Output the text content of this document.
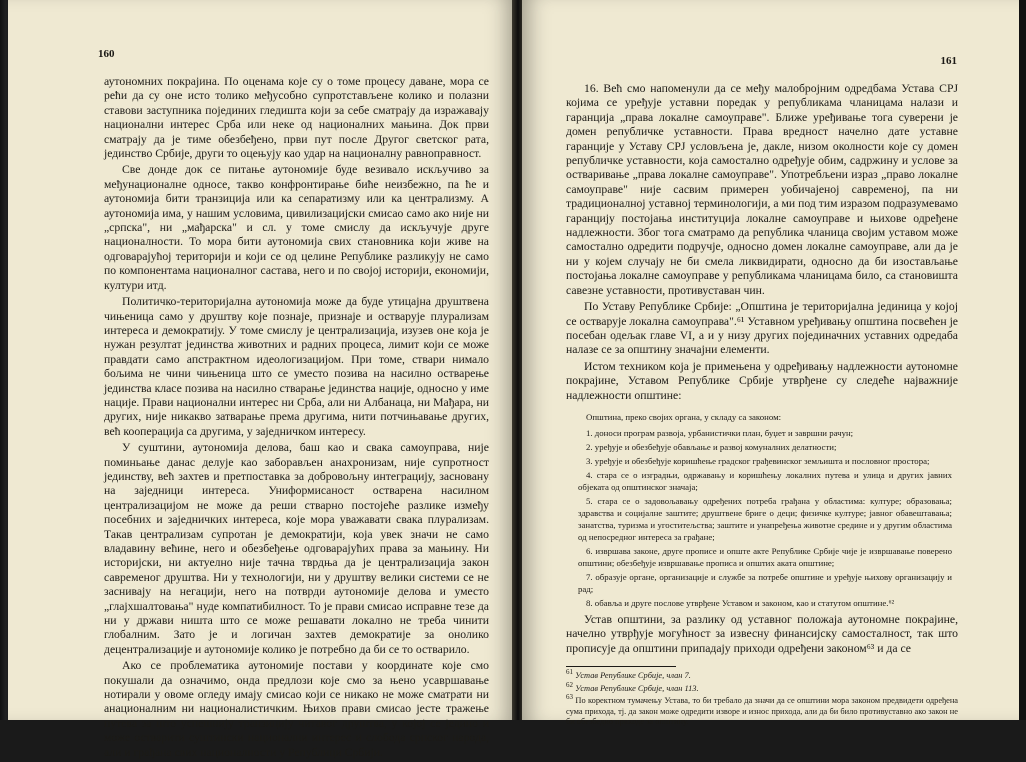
160

аутономних покрајина. По оценама које су о томе процесу даване, мора се рећи да су оне исто толико међусобно супротстављене колико и полазни ставови заступника појединих гледишта који за себе сматрају да изражавају национални интерес Срба или неке од националних мањина. Док први сматрају да је тиме обезбеђено, први пут после Другог светског рата, јединство Србије, други то оцењују као удар на националну равноправност.

Све донде док се питање аутономије буде везивало искључиво за међунационалне односе, такво конфронтирање биће неизбежно, па ће и аутономија бити транзиција или ка сепаратизму или ка централизму. А аутономија има, у нашим условима, цивилизацијски смисао само ако није ни „српска", ни „мађарска" и сл. у томе смислу да искључује друге националности. То мора бити аутономија свих становника који живе на одговарајућој територији и који се од целине Републике разликују не само по компонентама националног састава, него и по својој историји, економији, култури итд.

Политичко-територијална аутономија може да буде утицајна друштвена чињеница само у друштву које познаје, признаје и остварује плурализам интереса и демократију. У томе смислу је централизација, изузев оне која је нужан резултат јединства животних и радних процеса, лимит који се може правдати само апстрактном идеологизацијом. При томе, ствари нимало бољима не чини чињеница што се уместо позива на насилно остварење јединства класе позива на насилно стварање јединства нације, односно у име нације. Прави национални интерес ни Срба, али ни Албанаца, ни Мађара, ни других, није никакво затварање према другима, нити потчињавање других, већ кооперација са другима, у заједничком интересу.

У суштини, аутономија делова, баш као и свака самоуправа, није поминьање данас делује као заборављен анахронизам, није супротност јединству, већ захтев и претпоставка за добровољну интеграцију, засновану на заједници интереса. Униформисаност остварена насилном централизацијом не може да реши стварно постојеће разлике између посебних и заједничких интереса, које мора уважавати свака плурализам. Такав централизам супротан је демократији, која увек значи не само владавину већине, него и обезбеђење одговарајућих права за мањину. Ни историјски, ни актуелно није тачна тврдња да је централизација закон савременог друштва. Ни у технологији, ни у друштву велики системи се не заснивају на негацији, него на потврди аутономије делова и уместо „глајхшалтовања" нуде компатибилност. То је прави смисао исправне тезе да ни у држави ништа што се може решавати локално не треба чинити глобалним. Зато је и логичан захтев демократије за онолико децентрализације и аутономије колико је потребно да би се то остварило.

Ако се проблематика аутономије постави у координате које смо покушали да означимо, онда предлози које смо за њено усавршавање нотирали у овоме огледу имају смисао који се никако не може сматрати ни анационалним ни националистичким. Њихов прави смисао јесте тражење путева за што успешнију транзицију читавог друштва, у којој се једино и може остварити суштински национални интерес и слобода српског народа, али и грађана свих националности у Републици Србији.

161

16. Већ смо напоменули да се међу малобројним одредбама Устава СРЈ којима се уређује уставни поредак у републикама чланицама налази и гаранција „права локалне самоуправе". Ближе уређивање тога суверени је домен републичке уставности. Права вредност начелно дате уставне гаранције у Уставу СРЈ условљена је, дакле, низом околности које су домен републичке уставности, која самостално одређује обим, садржину и услове за остваривање „права локалне самоуправе". Употребљени израз „право локалне самоуправе" није сасвим примерен уобичајеној савременој, па ни традиционалној уставној терминологији, а ми под тим изразом подразумевамо гаранцију постојања институција локалне самоуправе и њихове одређене надлежности. Због тога сматрамо да република чланица својим уставом може самостално одредити подручје, односно домен локалне самоуправе, али да је ни у којем случају не би смела ликвидирати, односно да би изостављање постојања локалне самоуправе у републикама чланицама било, са становишта савезне уставности, противуставан чин.

По Уставу Републике Србије: „Општина је територијална јединица у којој се остварује локална самоуправа".⁶¹ Уставном уређивању општина посвећен је посебан одељак главе VI, а и у низу других појединачних уставних одредаба налазе се за општину значајни елементи.

Истом техником која је примењена у одређивању надлежности аутономне покрајине, Уставом Републике Србије утврђене су следеће најважније надлежности општине:

Општина, преко својих органа, у складу са законом:
1. доноси програм развоја, урбанистички план, буџет и завршни рачун;
2. уређује и обезбеђује обављање и развој комуналних делатности;
3. уређује и обезбеђује коришћење градског грађевинског земљишта и пословног простора;
4. стара се о изградњи, одржавању и коришћењу локалних путева и улица и других јавних објеката од општинског значаја;
5. стара се о задовољавању одређених потреба грађана у областима: културе; образовања; здравства и социјалне заштите; друштвене бриге о деци; физичке културе; јавног обавештавања; занатства, туризма и угоститељства; заштите и унапређења животне средине и у другим областима од непосредног интереса за грађане;
6. извршава законе, друге прописе и опште акте Републике Србије чије је извршавање поверено општини; обезбеђује извршавање прописа и општих аката општине;
7. образује органе, организације и службе за потребе општине и уређује њихову организацију и рад;
8. обавља и друге послове утврђене Уставом и законом, као и статутом општине.⁶²

Устав општини, за разлику од уставног положаја аутономне покрајине, начелно утврђује могућност за извесну финансијску самосталност, так што прописује да општини припадају приходи одређени законом⁶³ и да се

$^{61}$ Устав Републике Србије, члан 7.
$^{62}$ Устав Републике Србије, члан 113.
$^{63}$ По коректном тумачењу Устава, то би требало да значи да се општини мора законом предвидети одређена сума прихода, тј. да закон може одредити изворе и износ прихода, али да би било противуставно ако закон не би обезбедио приходе за општину.
